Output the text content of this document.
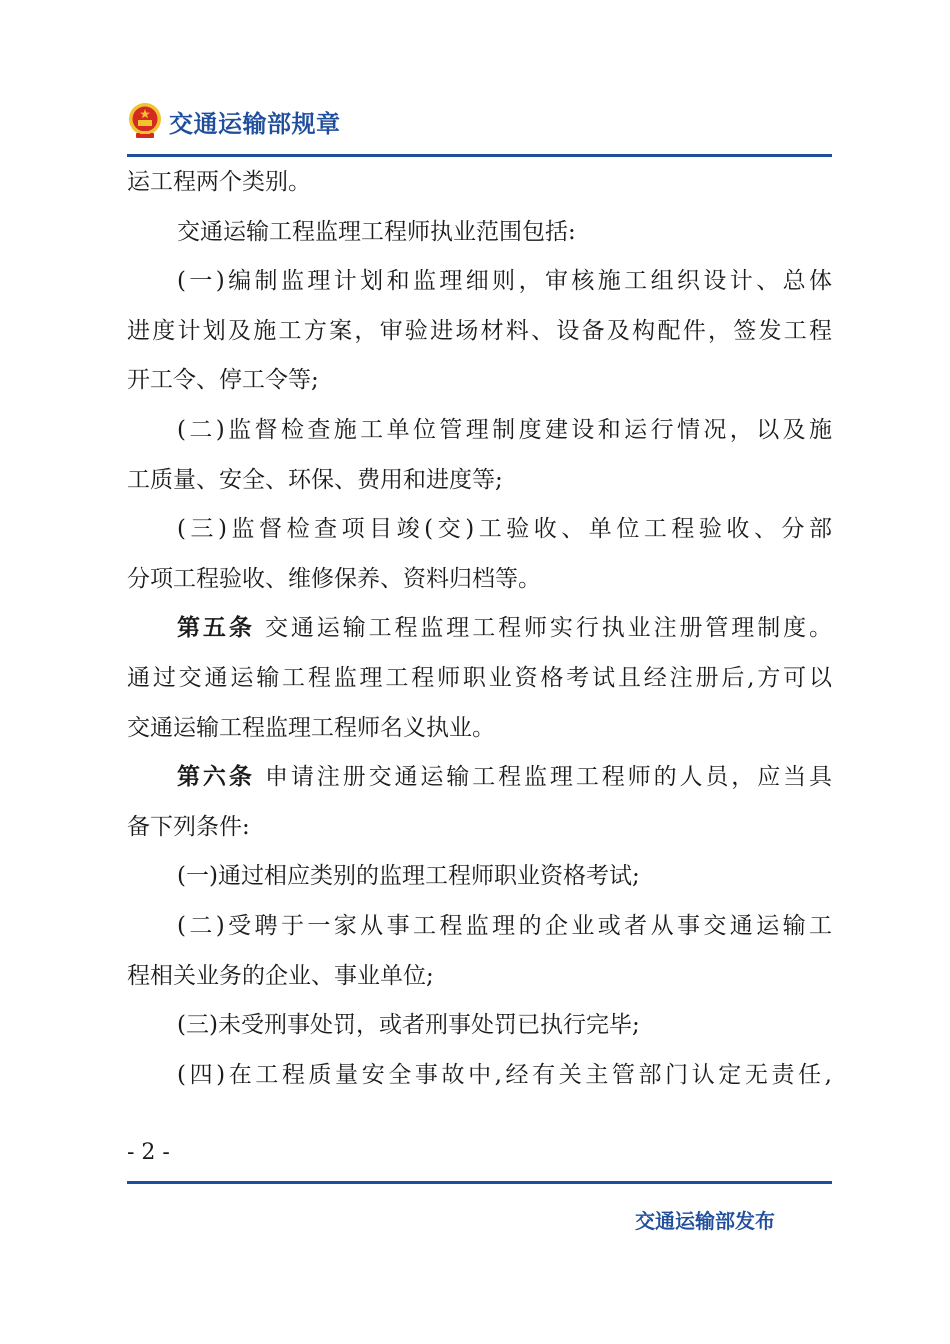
交通运输部规章
运工程两个类别。
交通运输工程监理工程师执业范围包括:
(一)编制监理计划和监理细则，审核施工组织设计、总体
进度计划及施工方案，审验进场材料、设备及构配件，签发工程
开工令、停工令等;
(二)监督检查施工单位管理制度建设和运行情况，以及施
工质量、安全、环保、费用和进度等;
(三)监督检查项目竣(交)工验收、单位工程验收、分部
分项工程验收、维修保养、资料归档等。
第五条 交通运输工程监理工程师实行执业注册管理制度。
通过交通运输工程监理工程师职业资格考试且经注册后,方可以
交通运输工程监理工程师名义执业。
第六条 申请注册交通运输工程监理工程师的人员，应当具
备下列条件:
(一)通过相应类别的监理工程师职业资格考试;
(二)受聘于一家从事工程监理的企业或者从事交通运输工
程相关业务的企业、事业单位;
(三)未受刑事处罚，或者刑事处罚已执行完毕;
(四)在工程质量安全事故中,经有关主管部门认定无责任,
- 2 -
交通运输部发布
